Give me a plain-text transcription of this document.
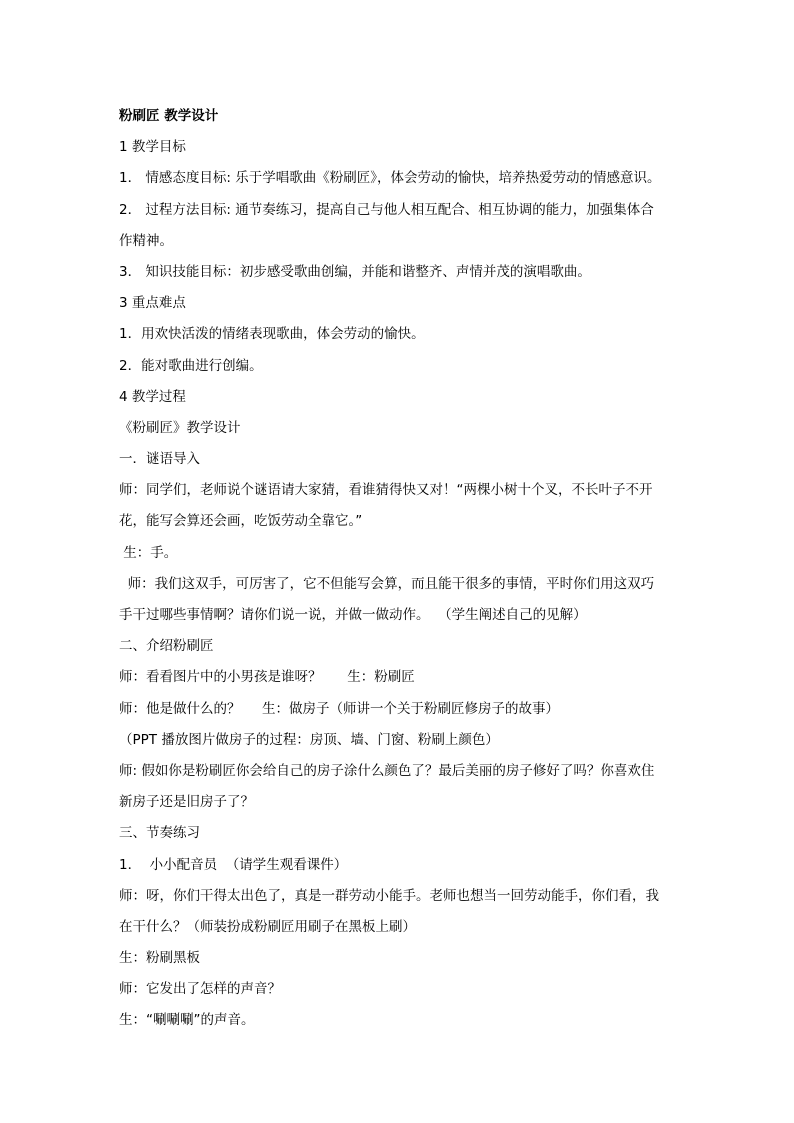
粉刷匠 教学设计
1 教学目标
1． 情感态度目标: 乐于学唱歌曲《粉刷匠》，体会劳动的愉快，培养热爱劳动的情感意识。
2． 过程方法目标: 通节奏练习，提高自己与他人相互配合、相互协调的能力，加强集体合
作精神。
3． 知识技能目标：初步感受歌曲创编，并能和谐整齐、声情并茂的演唱歌曲。
3 重点难点
1．用欢快活泼的情绪表现歌曲，体会劳动的愉快。
2．能对歌曲进行创编。
4 教学过程
《粉刷匠》教学设计
一．谜语导入
师：同学们，老师说个谜语请大家猜，看谁猜得快又对！“两棵小树十个叉，不长叶子不开
花，能写会算还会画，吃饭劳动全靠它。”
生：手。
师：我们这双手，可厉害了，它不但能写会算，而且能干很多的事情，平时你们用这双巧
手干过哪些事情啊？请你们说一说，并做一做动作。  （学生阐述自己的见解）
二、介绍粉刷匠
师：看看图片中的小男孩是谁呀？      生：粉刷匠
师：他是做什么的？     生：做房子（师讲一个关于粉刷匠修房子的故事）
（PPT 播放图片做房子的过程：房顶、墙、门窗、粉刷上颜色）
师: 假如你是粉刷匠你会给自己的房子涂什么颜色了？最后美丽的房子修好了吗？你喜欢住
新房子还是旧房子了？
三、节奏练习
1．  小小配音员  （请学生观看课件）
师：呀，你们干得太出色了，真是一群劳动小能手。老师也想当一回劳动能手，你们看，我
在干什么？（师装扮成粉刷匠用刷子在黑板上刷）
生：粉刷黑板
师：它发出了怎样的声音？
生：“唰唰唰”的声音。
